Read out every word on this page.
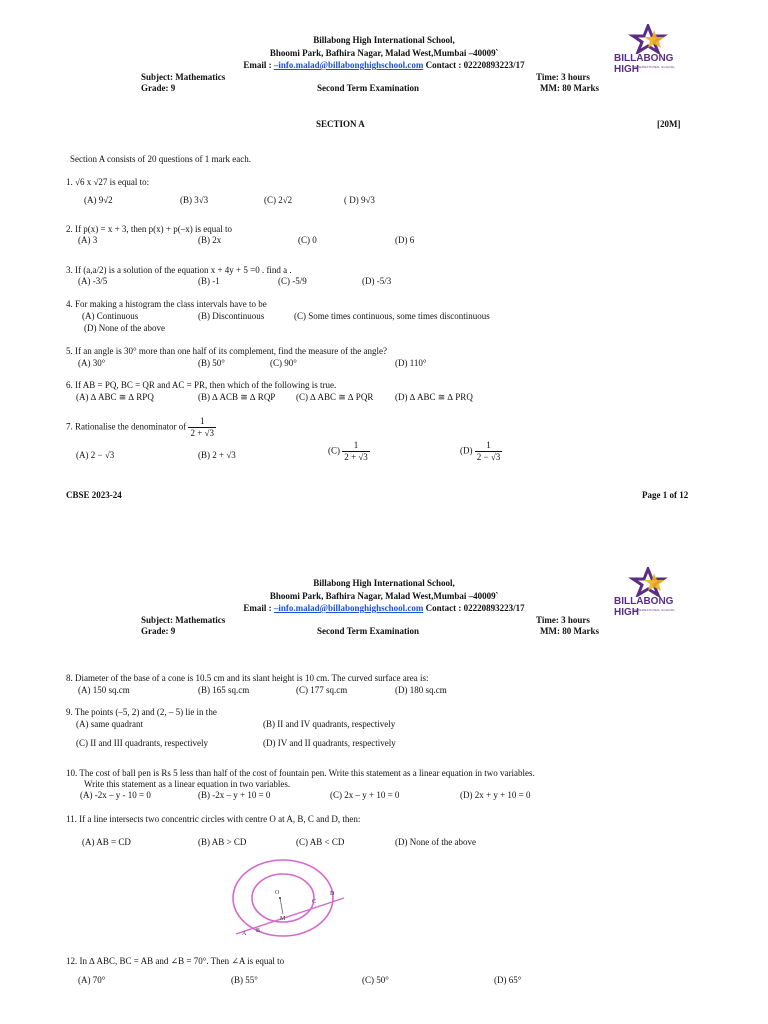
Billabong High International School,
Bhoomi Park, Bafhira Nagar, Malad West,Mumbai –40009‵
Email : –info.malad@billabonghighschool.com Contact : 02220893223/17
Subject: Mathematics
Grade: 9	Second Term Examination
Time: 3 hours
MM: 80 Marks
BILLABONG HIGH
INTERNATIONAL SCHOOL
SECTION A	[20M]
Section A consists of 20 questions of 1 mark each.
1. √6 x √27 is equal to:
(A) 9√2	(B) 3√3	(C) 2√2	( D) 9√3
2. If p(x) = x + 3, then p(x) + p(–x) is equal to
(A) 3	(B) 2x	(C) 0	(D) 6
3. If (a,a/2) is a solution of the equation x + 4y + 5 =0 . find a .
(A) -3/5	(B) -1	(C) -5/9	(D) -5/3
4. For making a histogram the class intervals have to be
(A) Continuous	(B) Discontinuous	(C) Some times continuous, some times discontinuous
(D) None of the above
5. If an angle is 30° more than one half of its complement, find the measure of the angle?
(A) 30°	(B) 50°	(C) 90°	(D) 110°
6. If AB = PQ, BC = QR and AC = PR, then which of the following is true.
(A) ∆ ABC ≅ ∆ RPQ	(B) ∆ ACB ≅ ∆ RQP (C) ∆ ABC ≅ ∆ PQR (D) ∆ ABC ≅ ∆ PRQ
7. Rationalise the denominator of $\frac{1}{2 + √3}$
(A) 2 − √3	(B) 2 + √3	$(C) \frac{1}{2 + √3}$	$(D) \frac{1}{2 - √3}$
CBSE 2023-24	Page 1 of 12
Billabong High International School,
Bhoomi Park, Bafhira Nagar, Malad West,Mumbai –40009‵
Email : –info.malad@billabonghighschool.com Contact : 02220893223/17
Subject: Mathematics
Grade: 9	Second Term Examination
Time: 3 hours
MM: 80 Marks
BILLABONG HIGH
INTERNATIONAL SCHOOL
8. Diameter of the base of a cone is 10.5 cm and its slant height is 10 cm. The curved surface area is:
(A) 150 sq.cm	(B) 165 sq.cm	(C) 177 sq.cm	(D) 180 sq.cm
9. The points (–5, 2) and (2, – 5) lie in the
(A) same quadrant	(B) II and IV quadrants, respectively
(C) II and III quadrants, respectively	(D) IV and II quadrants, respectively
10. The cost of ball pen is Rs 5 less than half of the cost of fountain pen. Write this statement as a linear equation in two variables.
Write this statement as a linear equation in two variables.
(A) -2x – y - 10 = 0	(B) -2x – y + 10 = 0	(C) 2x – y + 10 = 0	(D) 2x + y + 10 = 0
11. If a line intersects two concentric circles with centre O at A, B, C and D, then:
(A) AB = CD	(B) AB > CD	(C) AB < CD	(D) None of the above
O
M
A B
C
D
12. In ∆ ABC, BC = AB and ∠B = 70°. Then ∠A is equal to
(A) 70°	(B) 55°	(C) 50°	(D) 65°
